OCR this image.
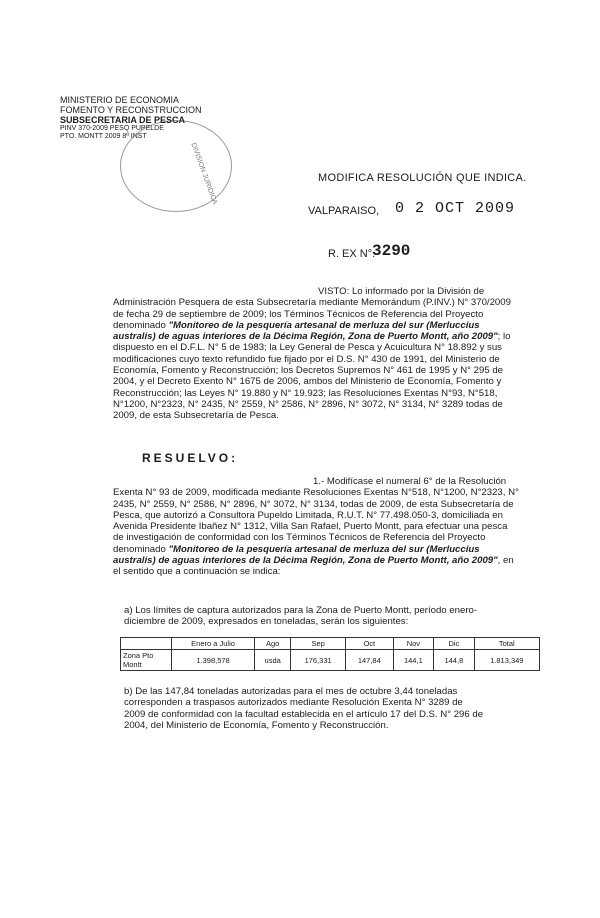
MINISTERIO DE ECONOMIA
FOMENTO Y RECONSTRUCCION
SUBSECRETARIA DE PESCA
PINV 370-2009 PESQ PUPELDE
PTO. MONTT 2009 8ª INST
DIVISION JURIDICA	MODIFICA RESOLUCIÓN QUE INDICA.
VALPARAISO, 0 2 OCT 2009
R. EX N°.
3290
VISTO: Lo informado por la División de
Administración Pesquera de esta Subsecretaría mediante Memorándum (P.INV.) N° 370/2009
de fecha 29 de septiembre de 2009; los Términos Técnicos de Referencia del Proyecto
denominado "Monitoreo de la pesquería artesanal de merluza del sur (Merluccius
australis) de aguas interiores de la Décima Región, Zona de Puerto Montt, año 2009"; lo
dispuesto en el D.F.L. N° 5 de 1983; la Ley General de Pesca y Acuicultura N° 18.892 y sus
modificaciones cuyo texto refundido fue fijado por el D.S. N° 430 de 1991, del Ministerio de
Economía, Fomento y Reconstrucción; los Decretos Supremos N° 461 de 1995 y N° 295 de
2004, y el Decreto Exento N° 1675 de 2006, ambos del Ministerio de Economía, Fomento y
Reconstrucción; las Leyes N° 19.880 y N° 19.923; las Resoluciones Exentas N°93, N°518,
N°1200, N°2323, N° 2435, N° 2559, N° 2586, N° 2896, N° 3072, N° 3134, N° 3289 todas de
2009, de esta Subsecretaría de Pesca.
RESUELVO:
1.- Modifícase el numeral 6° de la Resolución
Exenta N° 93 de 2009, modificada mediante Resoluciones Exentas N°518, N°1200, N°2323, N°
2435, N° 2559, N° 2586, N° 2896, N° 3072, N° 3134, todas de 2009, de esta Subsecretaría de
Pesca, que autorizó a Consultora Pupeldo Limitada, R.U.T. N° 77.498.050-3, domiciliada en
Avenida Presidente Ibañez N° 1312, Villa San Rafael, Puerto Montt, para efectuar una pesca
de investigación de conformidad con los Términos Técnicos de Referencia del Proyecto
denominado "Monitoreo de la pesquería artesanal de merluza del sur (Merluccius
australis) de aguas interiores de la Décima Región, Zona de Puerto Montt, año 2009", en
el sentido que a continuación se indica:
a) Los límites de captura autorizados para la Zona de Puerto Montt, período enero-
diciembre de 2009, expresados en toneladas, serán los siguientes:
	Enero a Julio	Ago	Sep	Oct	Nov	Dic	Total
Zona Pto Montt	1.398,578	usda	176,331	147,84	144,1	144,8	1.813,349
b) De las 147,84 toneladas autorizadas para el mes de octubre 3,44 toneladas
corresponden a traspasos autorizados mediante Resolución Exenta N° 3289 de
2009 de conformidad con la facultad establecida en el artículo 17 del D.S. N° 296 de
2004, del Ministerio de Economía, Fomento y Reconstrucción.
